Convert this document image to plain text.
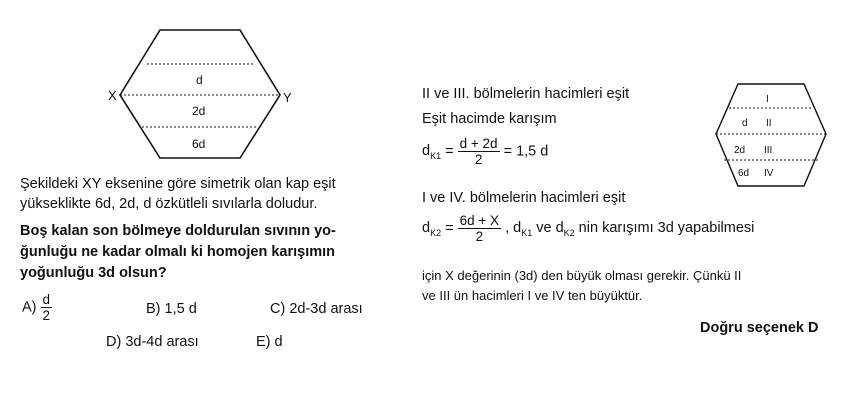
X	Y
d
2d
6d
Şekildeki XY eksenine göre simetrik olan kap eşit
yükseklikte 6d, 2d, d özkütleli sıvılarla doludur.
Boş kalan son bölmeye doldurulan sıvının yo-
ğunluğu ne kadar olmalı ki homojen karışımın
yoğunluğu 3d olsun?
$A) \frac{d}{2}$	B) 1,5 d	C) 2d-3d arası
D) 3d-4d arası	E) d
II ve III. bölmelerin hacimleri eşit
Eşit hacimde karışım
$d_{K1} = \frac{d + 2d}{2} = 1,5$ d
I ve IV. bölmelerin hacimleri eşit
$d_{K2} = \frac{6d + X}{2}$ , $d_{K1}$ ve $d_{K2}$ nin karışımı 3d yapabilmesi
için X değerinin (3d) den büyük olması gerekir. Çünkü II
ve III ün hacimleri I ve IV ten büyüktür.
Doğru seçenek D
I
d II
2d III
6d IV
